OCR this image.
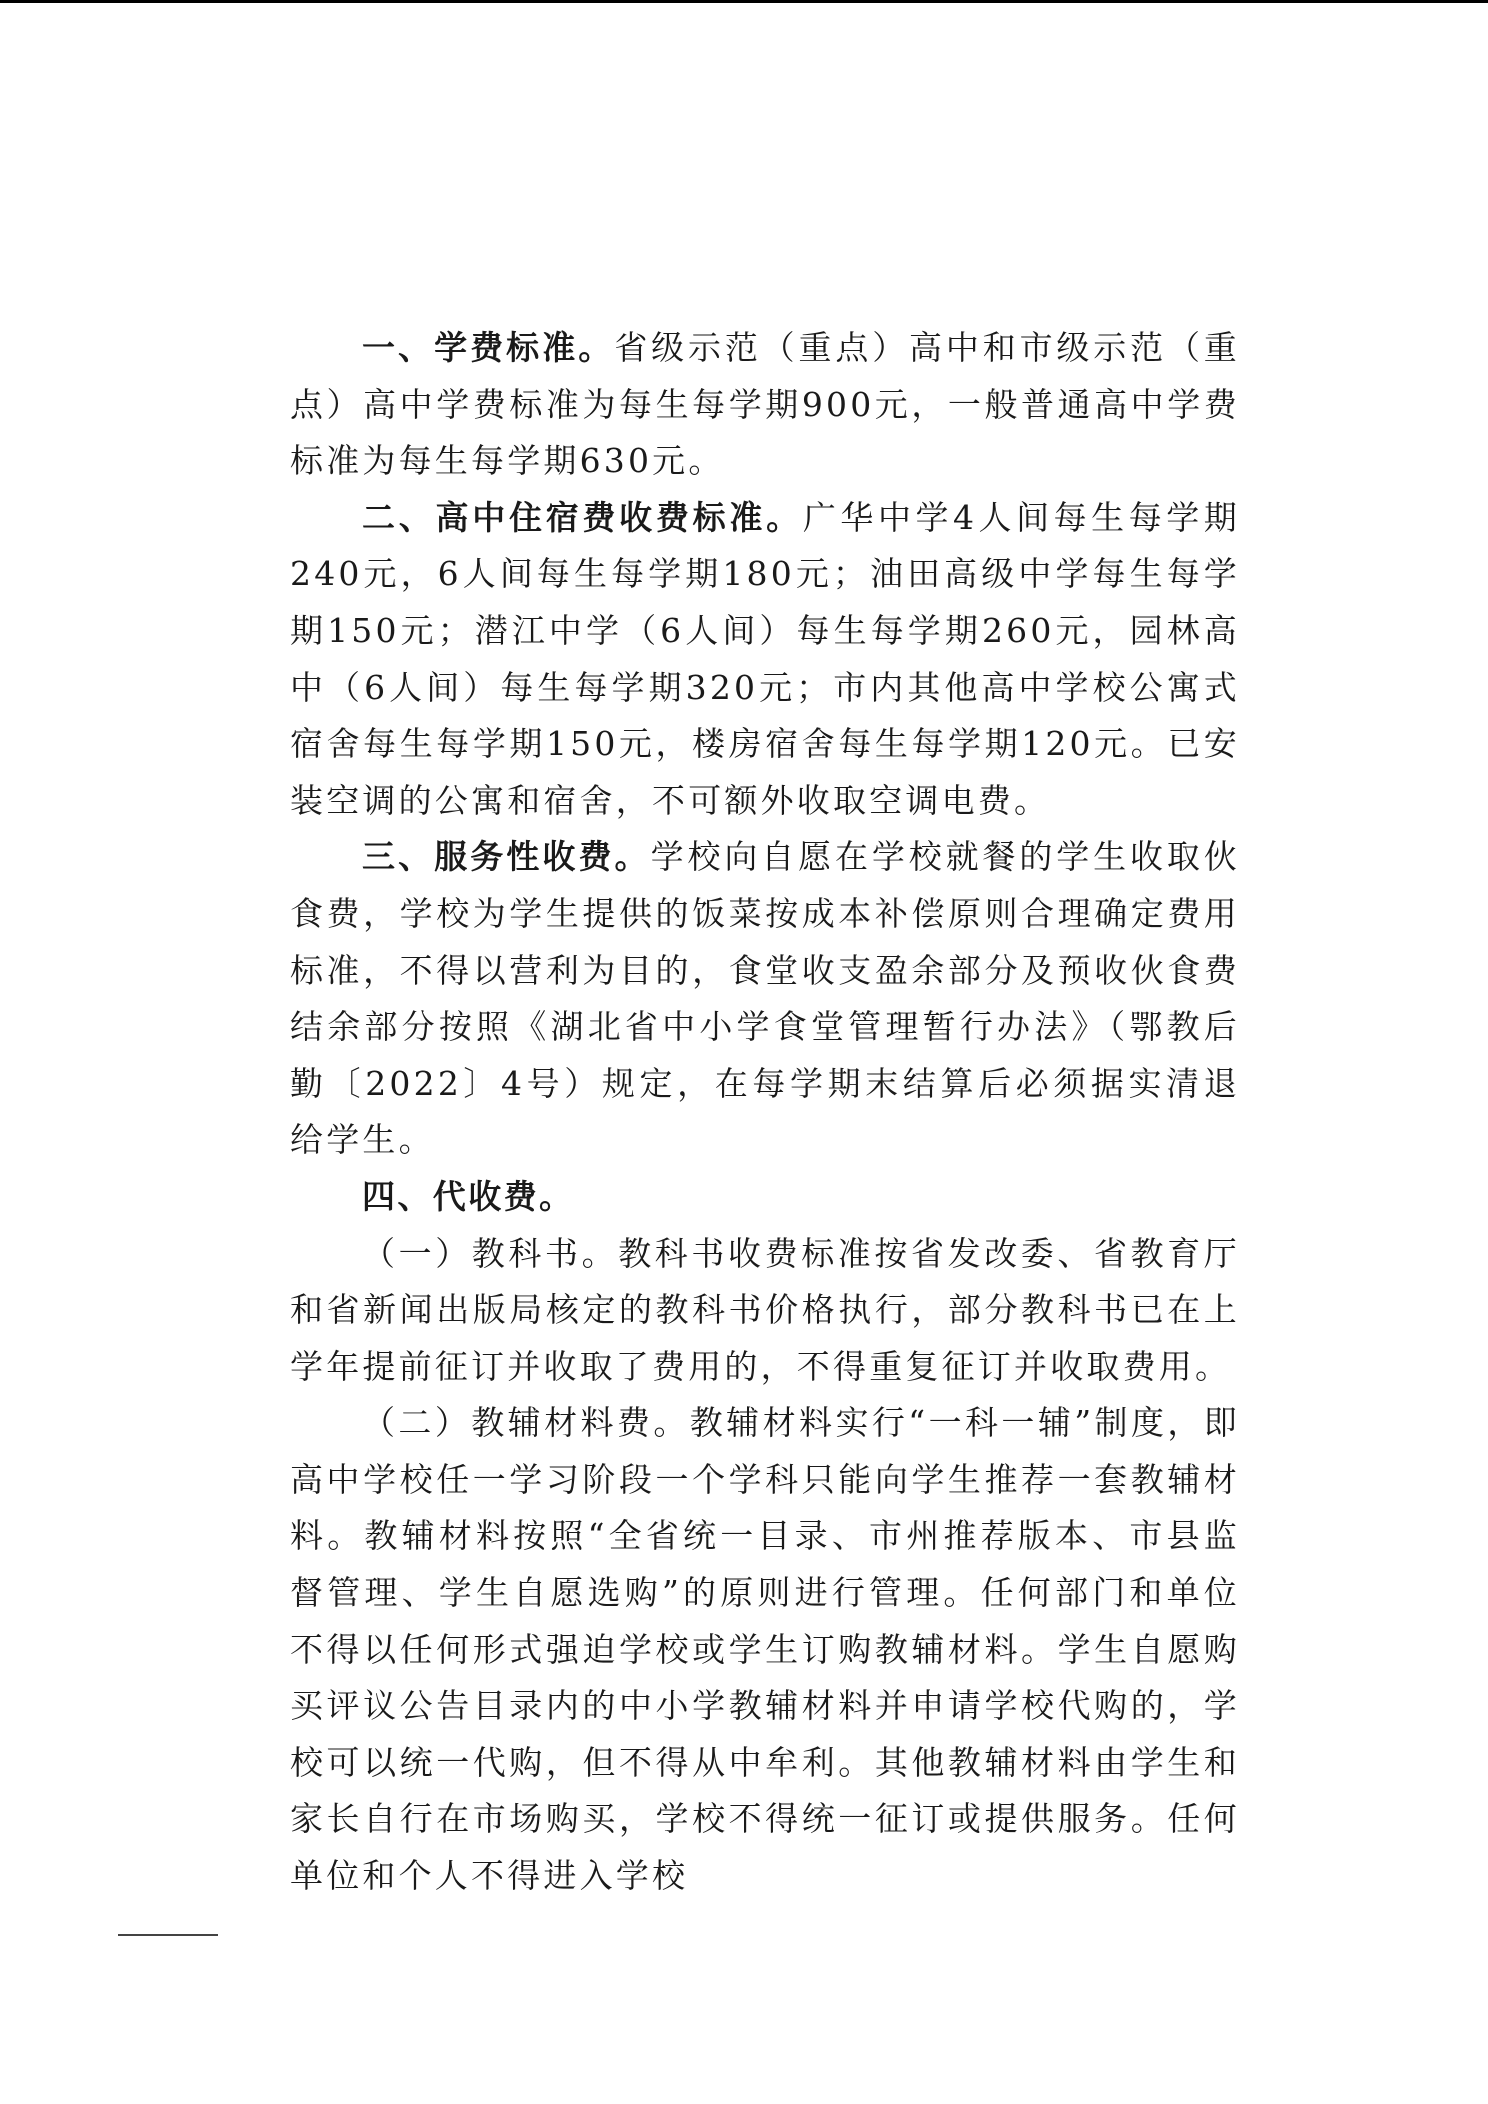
一、学费标准。省级示范（重点）高中和市级示范（重点）高中学费标准为每生每学期900元，一般普通高中学费标准为每生每学期630元。

二、高中住宿费收费标准。广华中学4人间每生每学期240元，6人间每生每学期180元；油田高级中学每生每学期150元；潜江中学（6人间）每生每学期260元，园林高中（6人间）每生每学期320元；市内其他高中学校公寓式宿舍每生每学期150元，楼房宿舍每生每学期120元。已安装空调的公寓和宿舍，不可额外收取空调电费。

三、服务性收费。学校向自愿在学校就餐的学生收取伙食费，学校为学生提供的饭菜按成本补偿原则合理确定费用标准，不得以营利为目的，食堂收支盈余部分及预收伙食费结余部分按照《湖北省中小学食堂管理暂行办法》（鄂教后勤〔2022〕4号）规定，在每学期末结算后必须据实清退给学生。

四、代收费。

（一）教科书。教科书收费标准按省发改委、省教育厅和省新闻出版局核定的教科书价格执行，部分教科书已在上学年提前征订并收取了费用的，不得重复征订并收取费用。

（二）教辅材料费。教辅材料实行“一科一辅”制度，即高中学校任一学习阶段一个学科只能向学生推荐一套教辅材料。教辅材料按照“全省统一目录、市州推荐版本、市县监督管理、学生自愿选购”的原则进行管理。任何部门和单位不得以任何形式强迫学校或学生订购教辅材料。学生自愿购买评议公告目录内的中小学教辅材料并申请学校代购的，学校可以统一代购，但不得从中牟利。其他教辅材料由学生和家长自行在市场购买，学校不得统一征订或提供服务。任何单位和个人不得进入学校
